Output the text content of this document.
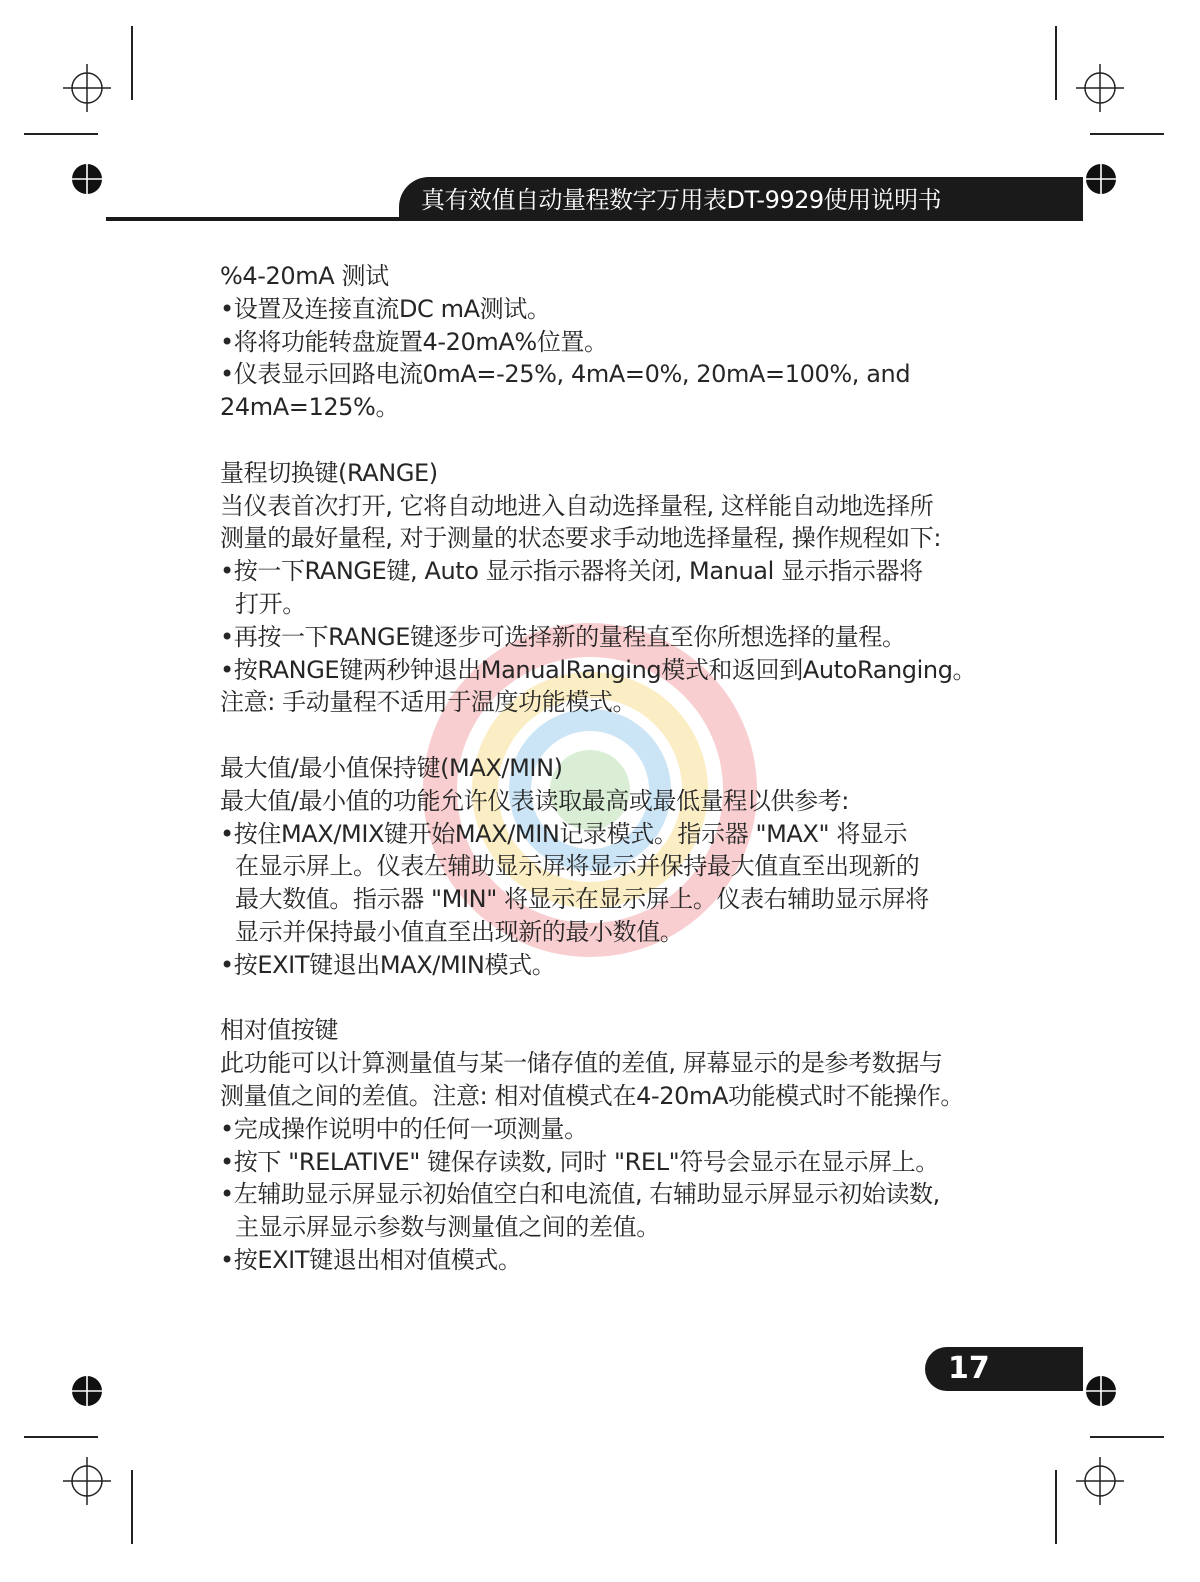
真有效值自动量程数字万用表DT-9929使用说明书
%4-20mA 测试
•设置及连接直流DC mA测试。
•将将功能转盘旋置4-20mA%位置。
•仪表显示回路电流0mA=-25%, 4mA=0%, 20mA=100%, and
24mA=125%。
量程切换键(RANGE)
当仪表首次打开, 它将自动地进入自动选择量程, 这样能自动地选择所
测量的最好量程, 对于测量的状态要求手动地选择量程, 操作规程如下:
•按一下RANGE键, Auto 显示指示器将关闭, Manual 显示指示器将
打开。
•再按一下RANGE键逐步可选择新的量程直至你所想选择的量程。
•按RANGE键两秒钟退出ManualRanging模式和返回到AutoRanging。
注意: 手动量程不适用于温度功能模式。
最大值/最小值保持键(MAX/MIN)
最大值/最小值的功能允许仪表读取最高或最低量程以供参考:
•按住MAX/MIX键开始MAX/MIN记录模式。指示器 "MAX" 将显示
在显示屏上。仪表左辅助显示屏将显示并保持最大值直至出现新的
最大数值。指示器 "MIN" 将显示在显示屏上。仪表右辅助显示屏将
显示并保持最小值直至出现新的最小数值。
•按EXIT键退出MAX/MIN模式。
相对值按键
此功能可以计算测量值与某一储存值的差值, 屏幕显示的是参考数据与
测量值之间的差值。注意: 相对值模式在4-20mA功能模式时不能操作。
•完成操作说明中的任何一项测量。
•按下 "RELATIVE" 键保存读数, 同时 "REL"符号会显示在显示屏上。
•左辅助显示屏显示初始值空白和电流值, 右辅助显示屏显示初始读数,
主显示屏显示参数与测量值之间的差值。
•按EXIT键退出相对值模式。
17
